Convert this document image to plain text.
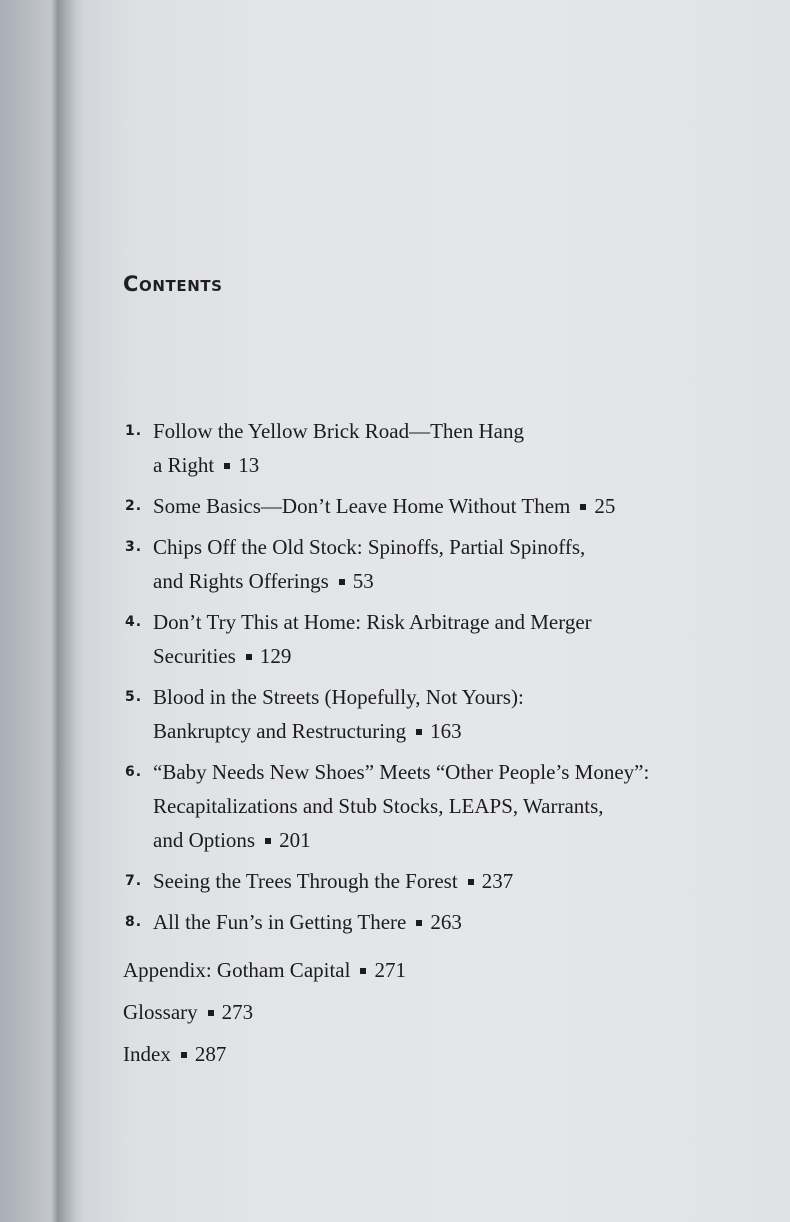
Contents
1. Follow the Yellow Brick Road—Then Hang
a Right 13
2. Some Basics—Don’t Leave Home Without Them 25
3. Chips Off the Old Stock: Spinoffs, Partial Spinoffs,
and Rights Offerings 53
4. Don’t Try This at Home: Risk Arbitrage and Merger
Securities 129
5. Blood in the Streets (Hopefully, Not Yours):
Bankruptcy and Restructuring 163
6. “Baby Needs New Shoes” Meets “Other People’s Money”:
Recapitalizations and Stub Stocks, LEAPS, Warrants,
and Options 201
7. Seeing the Trees Through the Forest 237
8. All the Fun’s in Getting There 263
Appendix: Gotham Capital 271
Glossary 273
Index 287
